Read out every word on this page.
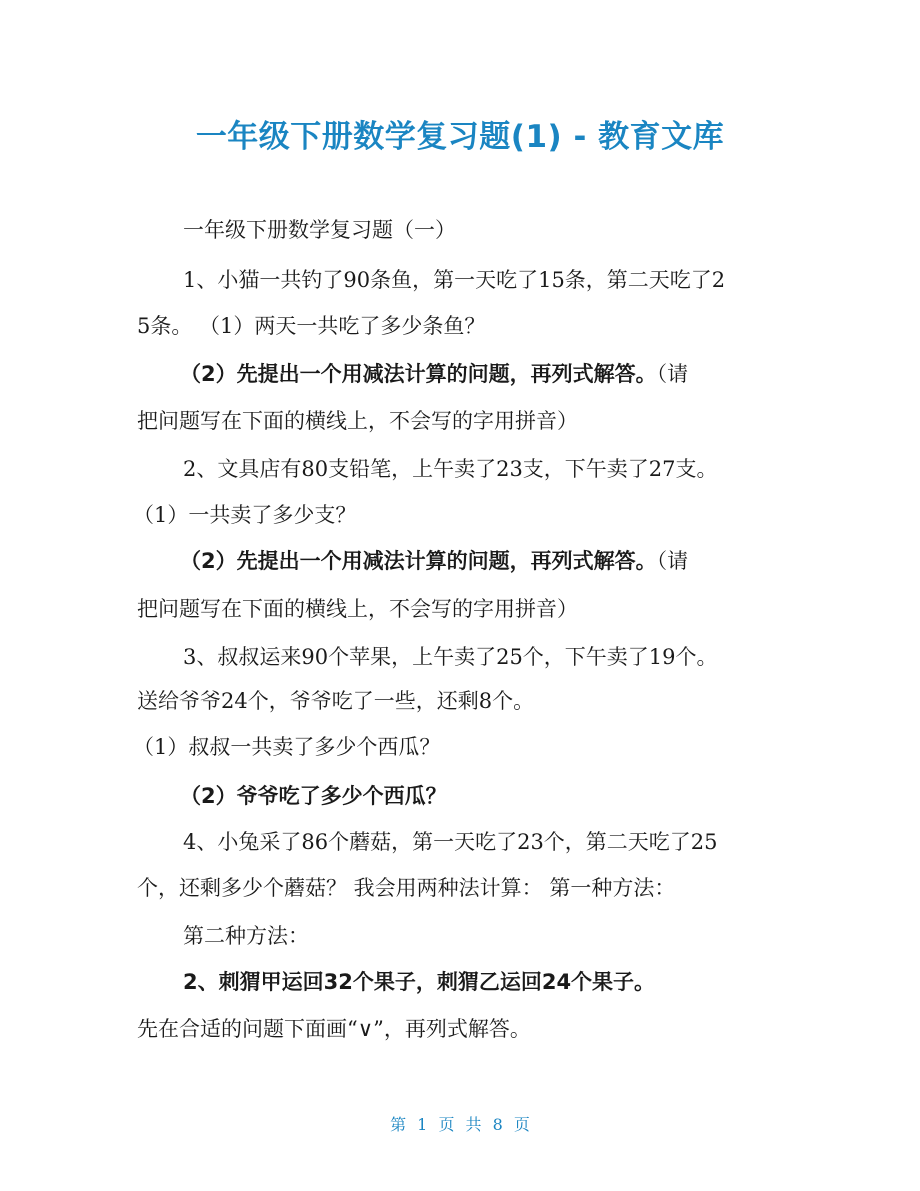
一年级下册数学复习题(1) - 教育文库
一年级下册数学复习题（一）
1、小猫一共钓了90条鱼，第一天吃了15条，第二天吃了2
5条。 （1）两天一共吃了多少条鱼？
（2）先提出一个用减法计算的问题，再列式解答。（请
把问题写在下面的横线上，不会写的字用拼音）
2、文具店有80支铅笔，上午卖了23支，下午卖了27支。
（1）一共卖了多少支？
（2）先提出一个用减法计算的问题，再列式解答。（请
把问题写在下面的横线上，不会写的字用拼音）
3、叔叔运来90个苹果，上午卖了25个，下午卖了19个。
送给爷爷24个，爷爷吃了一些，还剩8个。
（1）叔叔一共卖了多少个西瓜？
（2）爷爷吃了多少个西瓜？
4、小兔采了86个蘑菇，第一天吃了23个，第二天吃了25
个，还剩多少个蘑菇？ 我会用两种法计算： 第一种方法：
第二种方法：
2、刺猬甲运回32个果子，刺猬乙运回24个果子。
先在合适的问题下面画“∨”，再列式解答。
第 1 页 共 8 页
